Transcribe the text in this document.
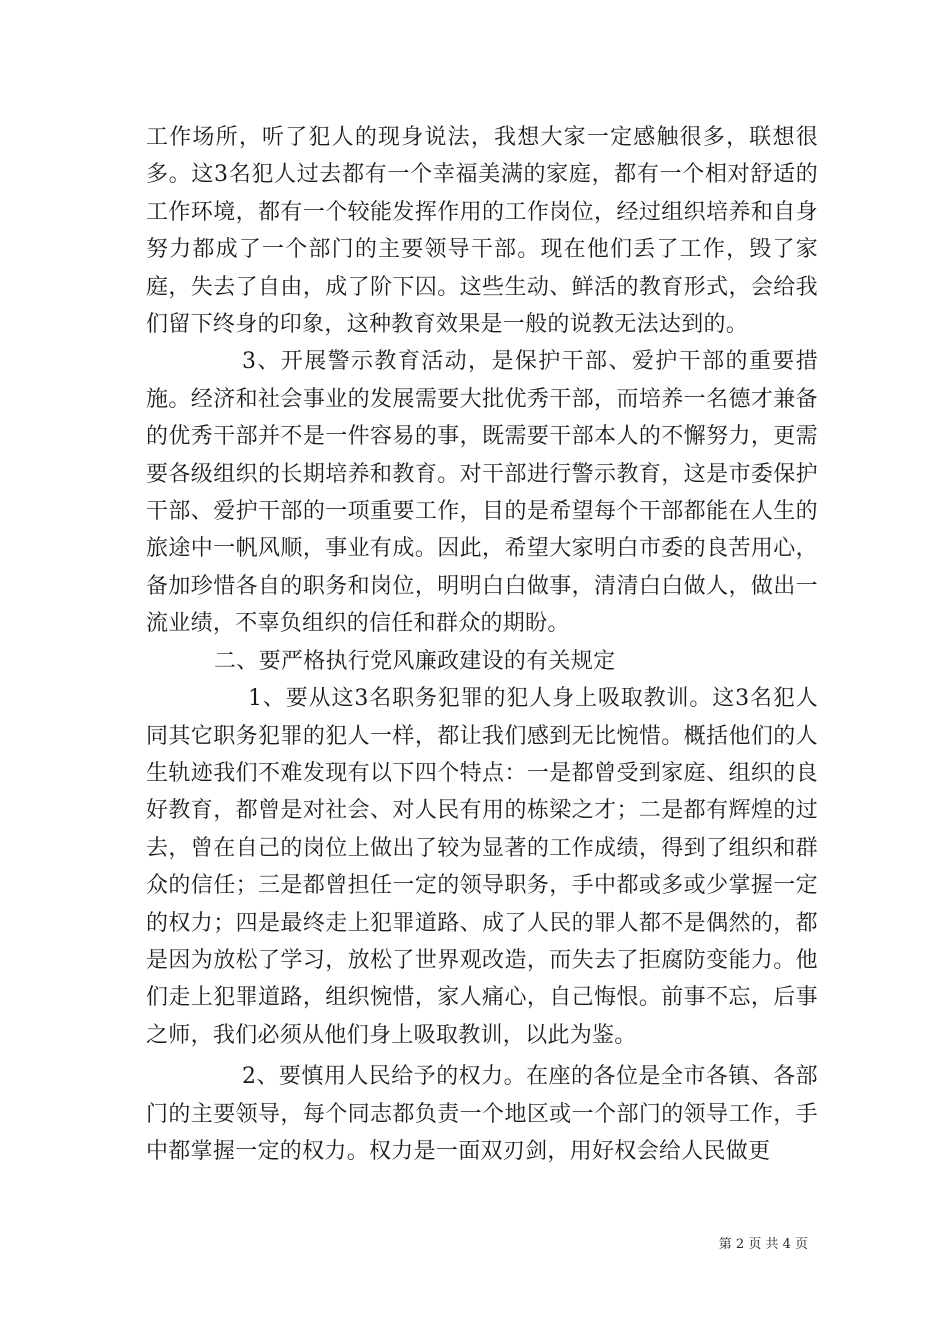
工作场所，听了犯人的现身说法，我想大家一定感触很多，联想很多。这3名犯人过去都有一个幸福美满的家庭，都有一个相对舒适的工作环境，都有一个较能发挥作用的工作岗位，经过组织培养和自身努力都成了一个部门的主要领导干部。现在他们丢了工作，毁了家庭，失去了自由，成了阶下囚。这些生动、鲜活的教育形式，会给我们留下终身的印象，这种教育效果是一般的说教无法达到的。

3、开展警示教育活动，是保护干部、爱护干部的重要措施。经济和社会事业的发展需要大批优秀干部，而培养一名德才兼备的优秀干部并不是一件容易的事，既需要干部本人的不懈努力，更需要各级组织的长期培养和教育。对干部进行警示教育，这是市委保护干部、爱护干部的一项重要工作，目的是希望每个干部都能在人生的旅途中一帆风顺，事业有成。因此，希望大家明白市委的良苦用心，备加珍惜各自的职务和岗位，明明白白做事，清清白白做人，做出一流业绩，不辜负组织的信任和群众的期盼。

二、要严格执行党风廉政建设的有关规定

1、要从这3名职务犯罪的犯人身上吸取教训。这3名犯人同其它职务犯罪的犯人一样，都让我们感到无比惋惜。概括他们的人生轨迹我们不难发现有以下四个特点：一是都曾受到家庭、组织的良好教育，都曾是对社会、对人民有用的栋梁之才；二是都有辉煌的过去，曾在自己的岗位上做出了较为显著的工作成绩，得到了组织和群众的信任；三是都曾担任一定的领导职务，手中都或多或少掌握一定的权力；四是最终走上犯罪道路、成了人民的罪人都不是偶然的，都是因为放松了学习，放松了世界观改造，而失去了拒腐防变能力。他们走上犯罪道路，组织惋惜，家人痛心，自己悔恨。前事不忘，后事之师，我们必须从他们身上吸取教训，以此为鉴。

2、要慎用人民给予的权力。在座的各位是全市各镇、各部门的主要领导，每个同志都负责一个地区或一个部门的领导工作，手中都掌握一定的权力。权力是一面双刃剑，用好权会给人民做更

第 2 页 共 4 页
